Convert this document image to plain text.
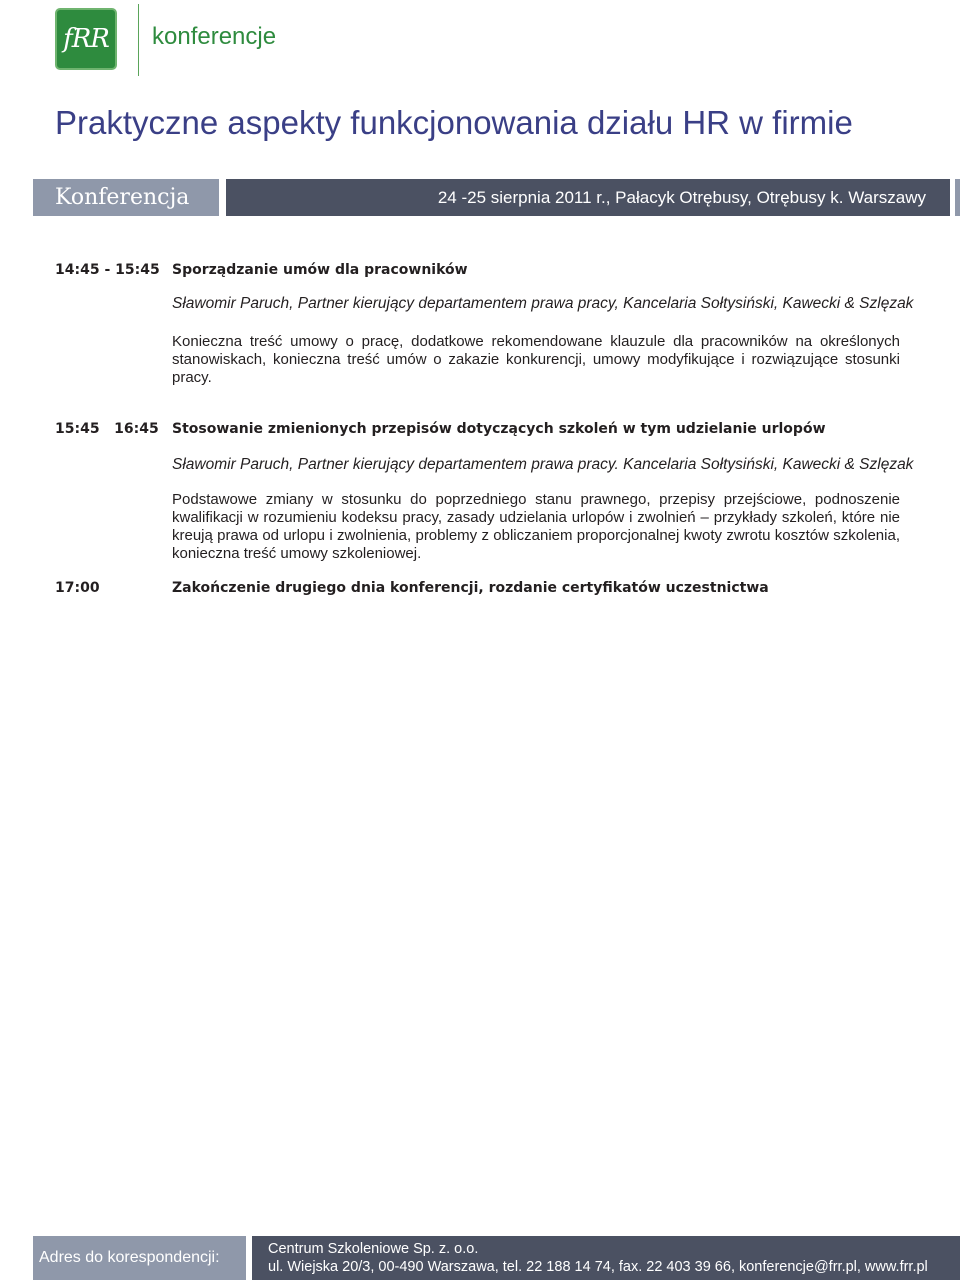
fRR konferencje
Praktyczne aspekty funkcjonowania działu HR w firmie
Konferencja	24 -25 sierpnia 2011 r., Pałacyk Otrębusy, Otrębusy k. Warszawy
14:45 - 15:45 Sporządzanie umów dla pracowników
Sławomir Paruch, Partner kierujący departamentem prawa pracy, Kancelaria Sołtysiński, Kawecki & Szlęzak

Konieczna treść umowy o pracę, dodatkowe rekomendowane klauzule dla pracowników na określonych stanowiskach, konieczna treść umów o zakazie konkurencji, umowy modyfikujące i rozwiązujące stosunki pracy.

15:45   16:45 Stosowanie zmienionych przepisów dotyczących szkoleń w tym udzielanie urlopów
Sławomir Paruch, Partner kierujący departamentem prawa pracy. Kancelaria Sołtysiński, Kawecki & Szlęzak

Podstawowe zmiany w stosunku do poprzedniego stanu prawnego, przepisy przejściowe, podnoszenie kwalifikacji w rozumieniu kodeksu pracy, zasady udzielania urlopów i zwolnień – przykłady szkoleń, które nie kreują prawa od urlopu i zwolnienia, problemy z obliczaniem proporcjonalnej kwoty zwrotu kosztów szkolenia, konieczna treść umowy szkoleniowej.

17:00	Zakończenie drugiego dnia konferencji, rozdanie certyfikatów uczestnictwa
Adres do korespondencji:	Centrum Szkoleniowe Sp. z. o.o.
ul. Wiejska 20/3, 00-490 Warszawa, tel. 22 188 14 74, fax. 22 403 39 66, konferencje@frr.pl, www.frr.pl
